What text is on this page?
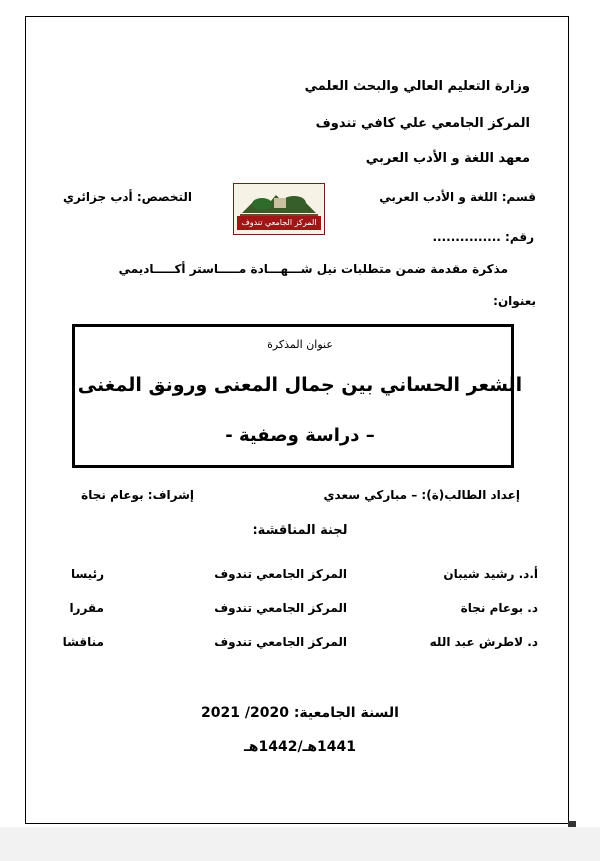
وزارة التعليم العالي والبحث العلمي
المركز الجامعي علي كافي تندوف
معهد اللغة و الأدب العربي
قسم: اللغة و الأدب العربي
التخصص: أدب جزائري
المركز الجامعي تندوف
رقم: ...............
مذكرة مقدمة ضمن متطلبات نيل شـــهـــادة مـــــاستر أكـــــاديمي
بعنوان:
عنوان المذكرة
الشعر الحساني بين جمال المعنى ورونق المغنى
– دراسة وصفية -
إعداد الطالب(ة): – مباركي سعدي
إشراف: بوعام نجاة
لجنة المناقشة:
أ.د. رشيد شيبان
المركز الجامعي تندوف
رئيسا
د. بوعام نجاة
المركز الجامعي تندوف
مقررا
د. لاطرش عبد الله
المركز الجامعي تندوف
مناقشا
السنة الجامعية: 2020/ 2021
1441هـ/1442هـ
